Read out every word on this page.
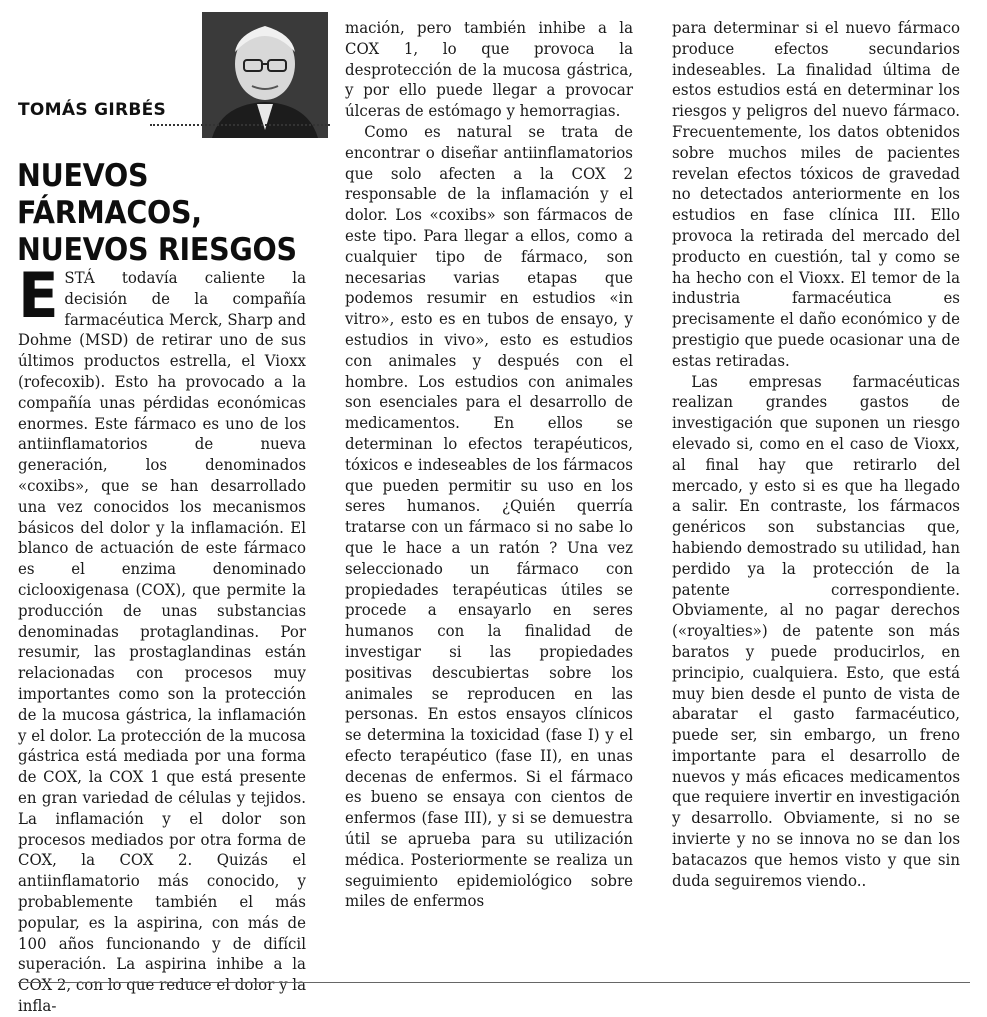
TOMÁS GIRBÉS
NUEVOS FÁRMACOS,
NUEVOS RIESGOS

ESTÁ todavía caliente la decisión de la compañía farmacéutica Merck, Sharp and Dohme (MSD) de retirar uno de sus últimos productos estrella, el Vioxx (rofecoxib). Esto ha provocado a la compañía unas pérdidas económicas enormes. Este fármaco es uno de los antiinflamatorios de nueva generación, los denominados «coxibs», que se han desarrollado una vez conocidos los mecanismos básicos del dolor y la inflamación. El blanco de actuación de este fármaco es el enzima denominado ciclooxigenasa (COX), que permite la producción de unas substancias denominadas protaglandinas. Por resumir, las prostaglandinas están relacionadas con procesos muy importantes como son la protección de la mucosa gástrica, la inflamación y el dolor. La protección de la mucosa gástrica está mediada por una forma de COX, la COX 1 que está presente en gran variedad de células y tejidos. La inflamación y el dolor son procesos mediados por otra forma de COX, la COX 2. Quizás el antiinflamatorio más conocido, y probablemente también el más popular, es la aspirina, con más de 100 años funcionando y de difícil superación. La aspirina inhibe a la COX 2, con lo que reduce el dolor y la infla-

mación, pero también inhibe a la COX 1, lo que provoca la desprotección de la mucosa gástrica, y por ello puede llegar a provocar úlceras de estómago y hemorragias.

Como es natural se trata de encontrar o diseñar antiinflamatorios que solo afecten a la COX 2 responsable de la inflamación y el dolor. Los «coxibs» son fármacos de este tipo. Para llegar a ellos, como a cualquier tipo de fármaco, son necesarias varias etapas que podemos resumir en estudios «in vitro», esto es en tubos de ensayo, y estudios in vivo», esto es estudios con animales y después con el hombre. Los estudios con animales son esenciales para el desarrollo de medicamentos. En ellos se determinan lo efectos terapéuticos, tóxicos e indeseables de los fármacos que pueden permitir su uso en los seres humanos. ¿Quién querría tratarse con un fármaco si no sabe lo que le hace a un ratón ? Una vez seleccionado un fármaco con propiedades terapéuticas útiles se procede a ensayarlo en seres humanos con la finalidad de investigar si las propiedades positivas descubiertas sobre los animales se reproducen en las personas. En estos ensayos clínicos se determina la toxicidad (fase I) y el efecto terapéutico (fase II), en unas decenas de enfermos. Si el fármaco es bueno se ensaya con cientos de enfermos (fase III), y si se demuestra útil se aprueba para su utilización médica. Posteriormente se realiza un seguimiento epidemiológico sobre miles de enfermos

para determinar si el nuevo fármaco produce efectos secundarios indeseables. La finalidad última de estos estudios está en determinar los riesgos y peligros del nuevo fármaco. Frecuentemente, los datos obtenidos sobre muchos miles de pacientes revelan efectos tóxicos de gravedad no detectados anteriormente en los estudios en fase clínica III. Ello provoca la retirada del mercado del producto en cuestión, tal y como se ha hecho con el Vioxx. El temor de la industria farmacéutica es precisamente el daño económico y de prestigio que puede ocasionar una de estas retiradas.

Las empresas farmacéuticas realizan grandes gastos de investigación que suponen un riesgo elevado si, como en el caso de Vioxx, al final hay que retirarlo del mercado, y esto si es que ha llegado a salir. En contraste, los fármacos genéricos son substancias que, habiendo demostrado su utilidad, han perdido ya la protección de la patente correspondiente. Obviamente, al no pagar derechos («royalties») de patente son más baratos y puede producirlos, en principio, cualquiera. Esto, que está muy bien desde el punto de vista de abaratar el gasto farmacéutico, puede ser, sin embargo, un freno importante para el desarrollo de nuevos y más eficaces medicamentos que requiere invertir en investigación y desarrollo. Obviamente, si no se invierte y no se innova no se dan los batacazos que hemos visto y que sin duda seguiremos viendo..
